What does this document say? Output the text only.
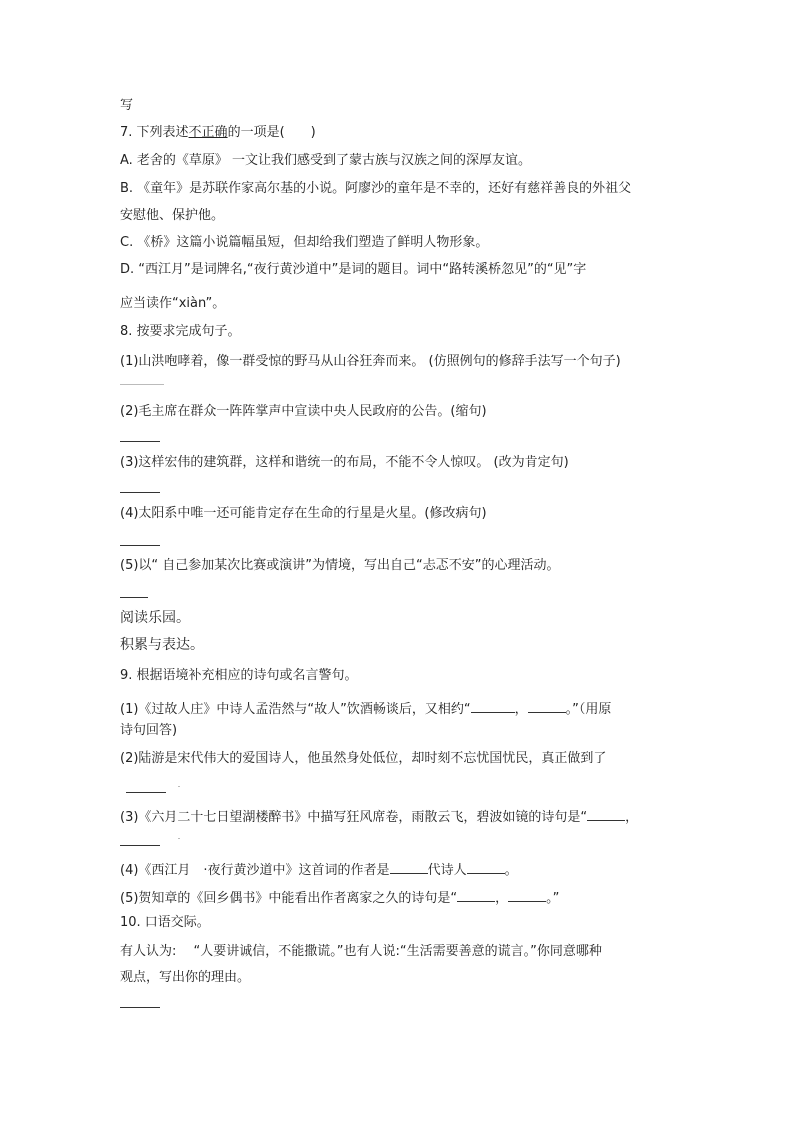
写
7. 下列表述不正确的一项是(　　)
A. 老舍的《草原》 一文让我们感受到了蒙古族与汉族之间的深厚友谊。
B. 《童年》是苏联作家高尔基的小说。阿廖沙的童年是不幸的，还好有慈祥善良的外祖父
安慰他、保护他。
C. 《桥》这篇小说篇幅虽短，但却给我们塑造了鲜明人物形象。
D. “西江月”是词牌名,“夜行黄沙道中”是词的题目。词中“路转溪桥忽见”的“见”字
应当读作“xiàn”。
8. 按要求完成句子。
(1)山洪咆哮着，像一群受惊的野马从山谷狂奔而来。 (仿照例句的修辞手法写一个句子)
(2)毛主席在群众一阵阵掌声中宣读中央人民政府的公告。(缩句)
(3)这样宏伟的建筑群，这样和谐统一的布局，不能不令人惊叹。 (改为肯定句)
(4)太阳系中唯一还可能肯定存在生命的行星是火星。(修改病句)
(5)以“ 自己参加某次比赛或演讲”为情境，写出自己“忐忑不安”的心理活动。
阅读乐园。
积累与表达。
9. 根据语境补充相应的诗句或名言警句。
(1)《过故人庄》中诗人孟浩然与“故人”饮酒畅谈后，又相约“	，	。”（用原
诗句回答)
(2)陆游是宋代伟大的爱国诗人，他虽然身处低位，却时刻不忘忧国忧民，真正做到了
(3)《六月二十七日望湖楼醉书》中描写狂风席卷，雨散云飞，碧波如镜的诗句是“	，
(4)《西江月　·夜行黄沙道中》这首词的作者是	代诗人	。
(5)贺知章的《回乡偶书》中能看出作者离家之久的诗句是“	，	。”
10. 口语交际。
有人认为:　 “人要讲诚信，不能撒谎。”也有人说:“生活需要善意的谎言。”你同意哪种
观点，写出你的理由。
